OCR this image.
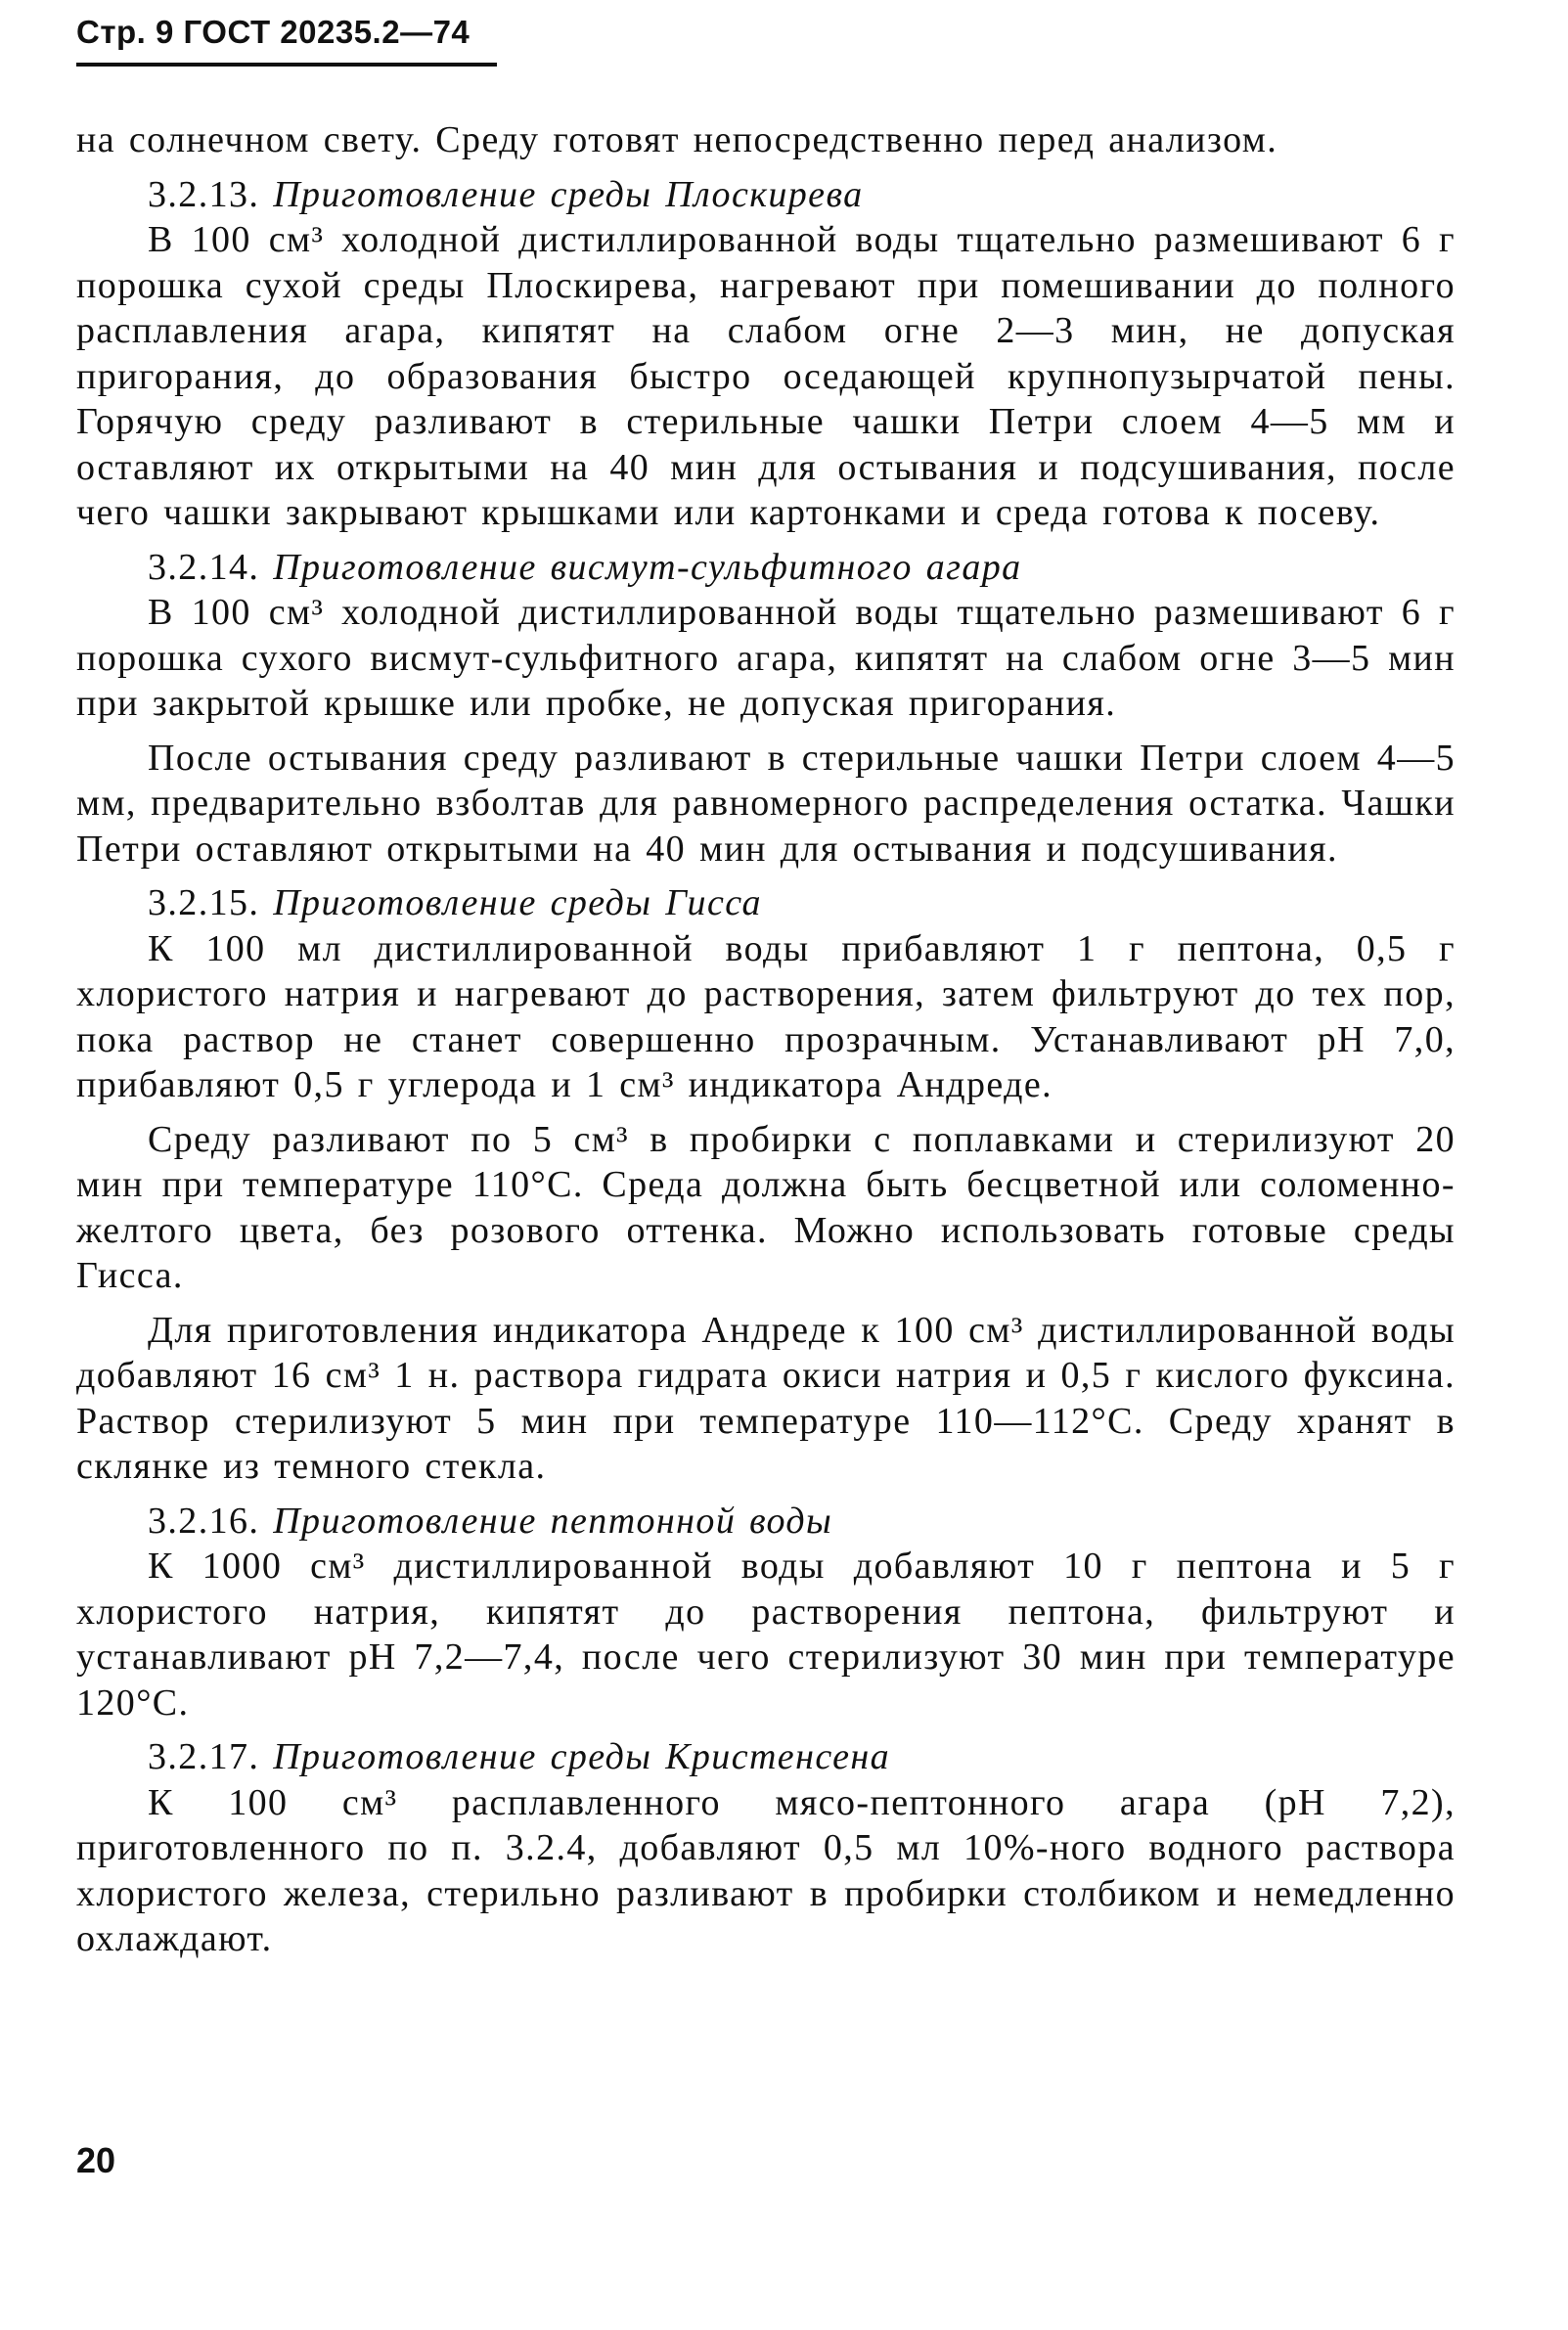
Стр. 9 ГОСТ 20235.2—74

на солнечном свету. Среду готовят непосредственно перед анализом.

3.2.13. Приготовление среды Плоскирева

В 100 см³ холодной дистиллированной воды тщательно размешивают 6 г порошка сухой среды Плоскирева, нагревают при помешивании до полного расплавления агара, кипятят на слабом огне 2—3 мин, не допуская пригорания, до образования быстро оседающей крупнопузырчатой пены. Горячую среду разливают в стерильные чашки Петри слоем 4—5 мм и оставляют их открытыми на 40 мин для остывания и подсушивания, после чего чашки закрывают крышками или картонками и среда готова к посеву.

3.2.14. Приготовление висмут-сульфитного агара

В 100 см³ холодной дистиллированной воды тщательно размешивают 6 г порошка сухого висмут-сульфитного агара, кипятят на слабом огне 3—5 мин при закрытой крышке или пробке, не допуская пригорания.

После остывания среду разливают в стерильные чашки Петри слоем 4—5 мм, предварительно взболтав для равномерного распределения остатка. Чашки Петри оставляют открытыми на 40 мин для остывания и подсушивания.

3.2.15. Приготовление среды Гисса

К 100 мл дистиллированной воды прибавляют 1 г пептона, 0,5 г хлористого натрия и нагревают до растворения, затем фильтруют до тех пор, пока раствор не станет совершенно прозрачным. Устанавливают рН 7,0, прибавляют 0,5 г углерода и 1 см³ индикатора Андреде.

Среду разливают по 5 см³ в пробирки с поплавками и стерилизуют 20 мин при температуре 110°С. Среда должна быть бесцветной или соломенно-желтого цвета, без розового оттенка. Можно использовать готовые среды Гисса.

Для приготовления индикатора Андреде к 100 см³ дистиллированной воды добавляют 16 см³ 1 н. раствора гидрата окиси натрия и 0,5 г кислого фуксина. Раствор стерилизуют 5 мин при температуре 110—112°С. Среду хранят в склянке из темного стекла.

3.2.16. Приготовление пептонной воды

К 1000 см³ дистиллированной воды добавляют 10 г пептона и 5 г хлористого натрия, кипятят до растворения пептона, фильтруют и устанавливают рН 7,2—7,4, после чего стерилизуют 30 мин при температуре 120°С.

3.2.17. Приготовление среды Кристенсена

К 100 см³ расплавленного мясо-пептонного агара (рН 7,2), приготовленного по п. 3.2.4, добавляют 0,5 мл 10%-ного водного раствора хлористого железа, стерильно разливают в пробирки столбиком и немедленно охлаждают.

20
